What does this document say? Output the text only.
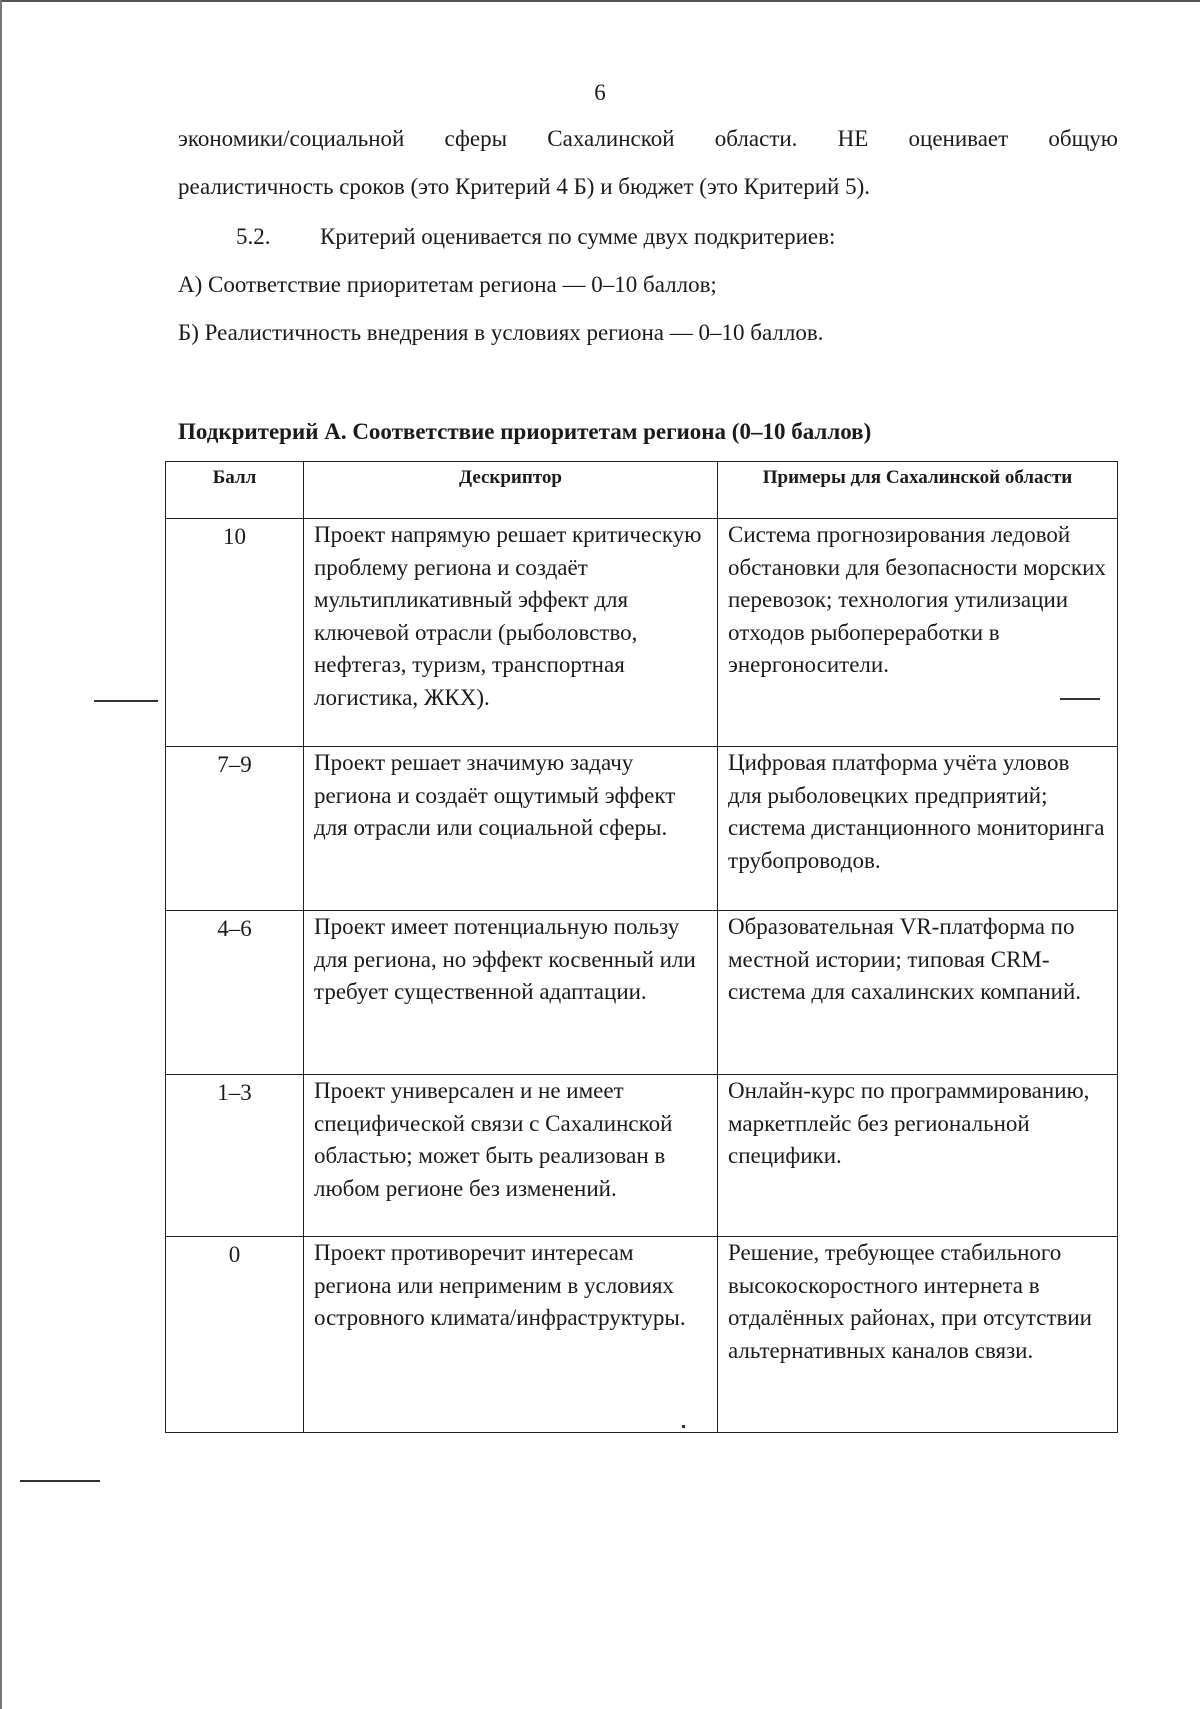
6

экономики/социальной сферы Сахалинской области. НЕ оценивает общую

реалистичность сроков (это Критерий 4 Б) и бюджет (это Критерий 5).

5.2. Критерий оценивается по сумме двух подкритериев:

А) Соответствие приоритетам региона — 0–10 баллов;

Б) Реалистичность внедрения в условиях региона — 0–10 баллов.

Подкритерий А. Соответствие приоритетам региона (0–10 баллов)
Балл	Дескриптор	Примеры для Сахалинской области
10	Проект напрямую решает критическую проблему региона и создаёт мультипликативный эффект для ключевой отрасли (рыболовство, нефтегаз, туризм, транспортная логистика, ЖКХ).	Система прогнозирования ледовой обстановки для безопасности морских перевозок; технология утилизации отходов рыбопереработки в энергоносители.
7–9	Проект решает значимую задачу региона и создаёт ощутимый эффект для отрасли или социальной сферы.	Цифровая платформа учёта уловов для рыболовецких предприятий; система дистанционного мониторинга трубопроводов.
4–6	Проект имеет потенциальную пользу для региона, но эффект косвенный или требует существенной адаптации.	Образовательная VR-платформа по местной истории; типовая CRM-система для сахалинских компаний.
1–3	Проект универсален и не имеет специфической связи с Сахалинской областью; может быть реализован в любом регионе без изменений.	Онлайн-курс по программированию, маркетплейс без региональной специфики.
0	Проект противоречит интересам региона или неприменим в условиях островного климата/инфраструктуры.	Решение, требующее стабильного высокоскоростного интернета в отдалённых районах, при отсутствии альтернативных каналов связи.
